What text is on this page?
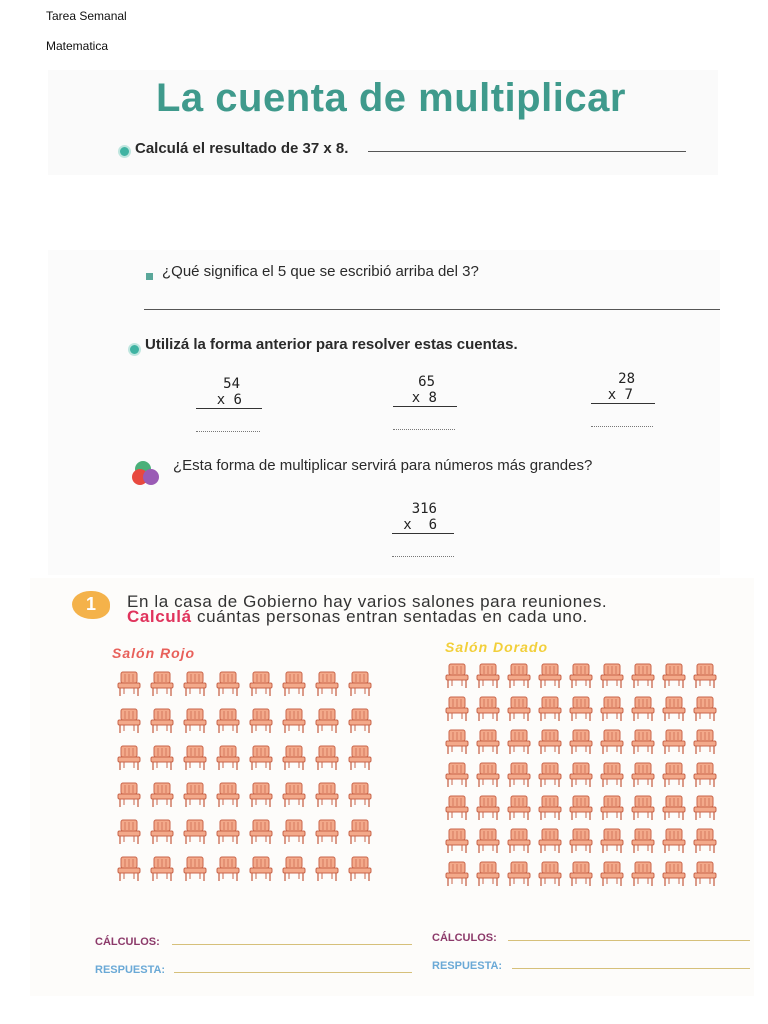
Tarea Semanal
Matematica
La cuenta de multiplicar
Calculá el resultado de 37 x 8.
¿Qué significa el 5 que se escribió arriba del 3?
Utilizá la forma anterior para resolver estas cuentas.
54
x 6
65
x 8
28
x 7
¿Esta forma de multiplicar servirá para números más grandes?
316
x  6
1	En la casa de Gobierno hay varios salones para reuniones.
Calculá cuántas personas entran sentadas en cada uno.
Salón Rojo	Salón Dorado
CÁLCULOS:
RESPUESTA:
CÁLCULOS:
RESPUESTA:
